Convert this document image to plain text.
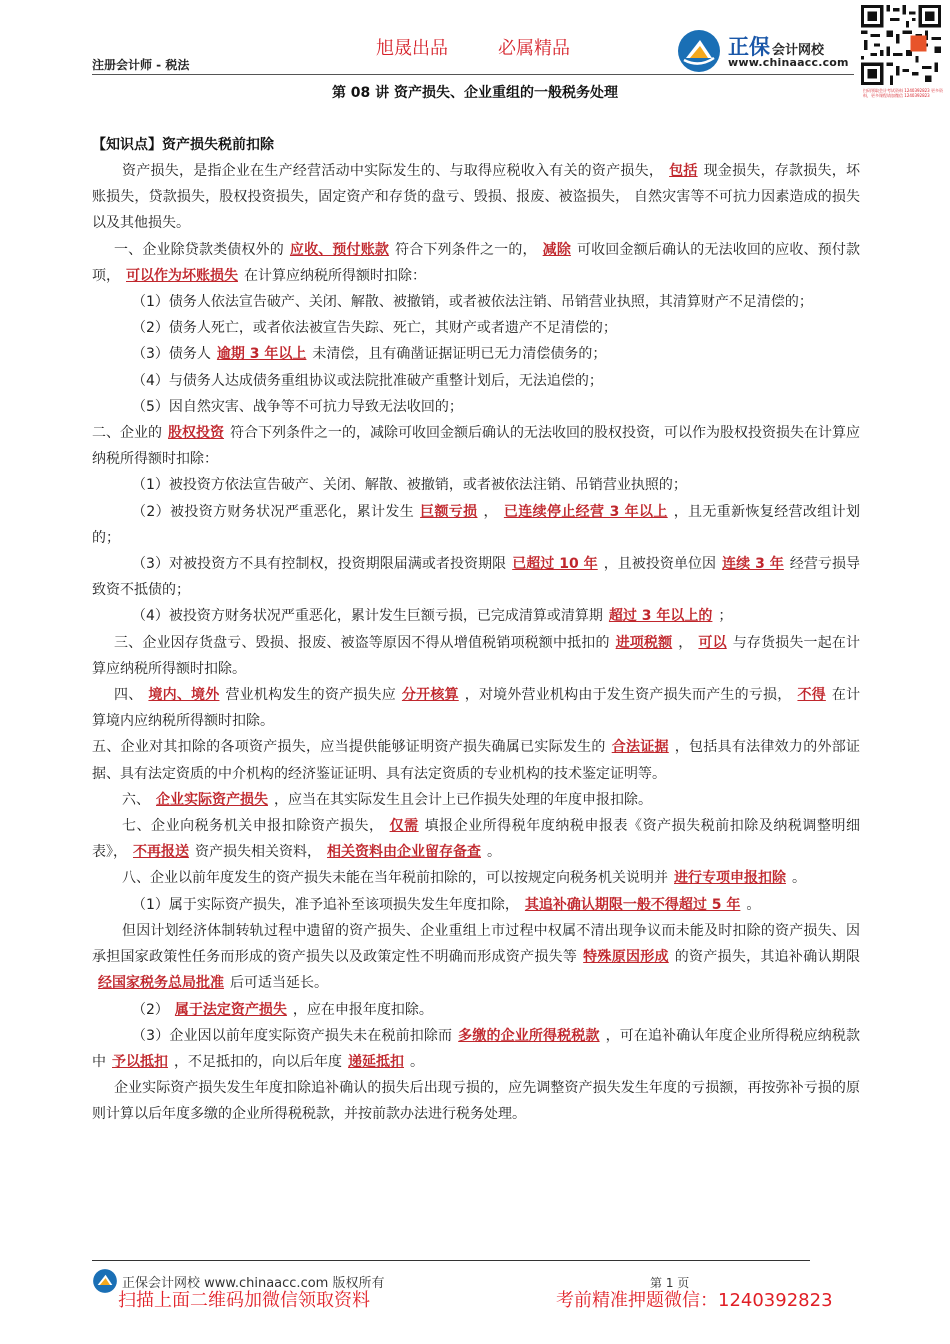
旭晟出品	必属精品
注册会计师 - 税法
正保 会计网校
www.chinaacc.com
扫码领取会计考试资料 1240392823 更多资料，更多课程请加微信 1240392823
第 08 讲 资产损失、企业重组的一般税务处理
【知识点】资产损失税前扣除

资产损失，是指企业在生产经营活动中实际发生的、与取得应税收入有关的资产损失， 包括 现金损失，存款损失，坏账损失，贷款损失，股权投资损失，固定资产和存货的盘亏、毁损、报废、被盗损失， 自然灾害等不可抗力因素造成的损失以及其他损失。

一、企业除贷款类债权外的 应收、预付账款 符合下列条件之一的， 减除 可收回金额后确认的无法收回的应收、预付款项， 可以作为坏账损失 在计算应纳税所得额时扣除：

（1）债务人依法宣告破产、关闭、解散、被撤销，或者被依法注销、吊销营业执照，其清算财产不足清偿的；

（2）债务人死亡，或者依法被宣告失踪、死亡，其财产或者遗产不足清偿的；

（3）债务人 逾期 3 年以上 未清偿，且有确凿证据证明已无力清偿债务的；

（4）与债务人达成债务重组协议或法院批准破产重整计划后，无法追偿的；

（5）因自然灾害、战争等不可抗力导致无法收回的；

二、企业的 股权投资 符合下列条件之一的，减除可收回金额后确认的无法收回的股权投资，可以作为股权投资损失在计算应纳税所得额时扣除：

（1）被投资方依法宣告破产、关闭、解散、被撤销，或者被依法注销、吊销营业执照的；

（2）被投资方财务状况严重恶化，累计发生 巨额亏损 ， 已连续停止经营 3 年以上 ，且无重新恢复经营改组计划的；

（3）对被投资方不具有控制权，投资期限届满或者投资期限 已超过 10 年 ，且被投资单位因 连续 3 年 经营亏损导致资不抵债的；

（4）被投资方财务状况严重恶化，累计发生巨额亏损，已完成清算或清算期 超过 3 年以上的 ；

三、企业因存货盘亏、毁损、报废、被盗等原因不得从增值税销项税额中抵扣的 进项税额 ， 可以 与存货损失一起在计算应纳税所得额时扣除。

四、 境内、境外 营业机构发生的资产损失应 分开核算 ，对境外营业机构由于发生资产损失而产生的亏损， 不得 在计算境内应纳税所得额时扣除。

五、企业对其扣除的各项资产损失，应当提供能够证明资产损失确属已实际发生的 合法证据 ，包括具有法律效力的外部证据、具有法定资质的中介机构的经济鉴证证明、具有法定资质的专业机构的技术鉴定证明等。

六、 企业实际资产损失 ，应当在其实际发生且会计上已作损失处理的年度申报扣除。

七、企业向税务机关申报扣除资产损失， 仅需 填报企业所得税年度纳税申报表《资产损失税前扣除及纳税调整明细表》， 不再报送 资产损失相关资料， 相关资料由企业留存备查 。

八、企业以前年度发生的资产损失未能在当年税前扣除的，可以按规定向税务机关说明并 进行专项申报扣除 。

（1）属于实际资产损失，准予追补至该项损失发生年度扣除， 其追补确认期限一般不得超过 5 年 。

但因计划经济体制转轨过程中遗留的资产损失、企业重组上市过程中权属不清出现争议而未能及时扣除的资产损失、因承担国家政策性任务而形成的资产损失以及政策定性不明确而形成资产损失等 特殊原因形成 的资产损失，其追补确认期限经国家税务总局批准 后可适当延长。

（2） 属于法定资产损失 ，应在申报年度扣除。

（3）企业因以前年度实际资产损失未在税前扣除而 多缴的企业所得税税款 ，可在追补确认年度企业所得税应纳税款中 予以抵扣 ，不足抵扣的，向以后年度 递延抵扣 。

企业实际资产损失发生年度扣除追补确认的损失后出现亏损的，应先调整资产损失发生年度的亏损额，再按弥补亏损的原则计算以后年度多缴的企业所得税税款，并按前款办法进行税务处理。

正保会计网校 www.chinaacc.com 版权所有	第 1 页
扫描上面二维码加微信领取资料	考前精准押题微信：1240392823
